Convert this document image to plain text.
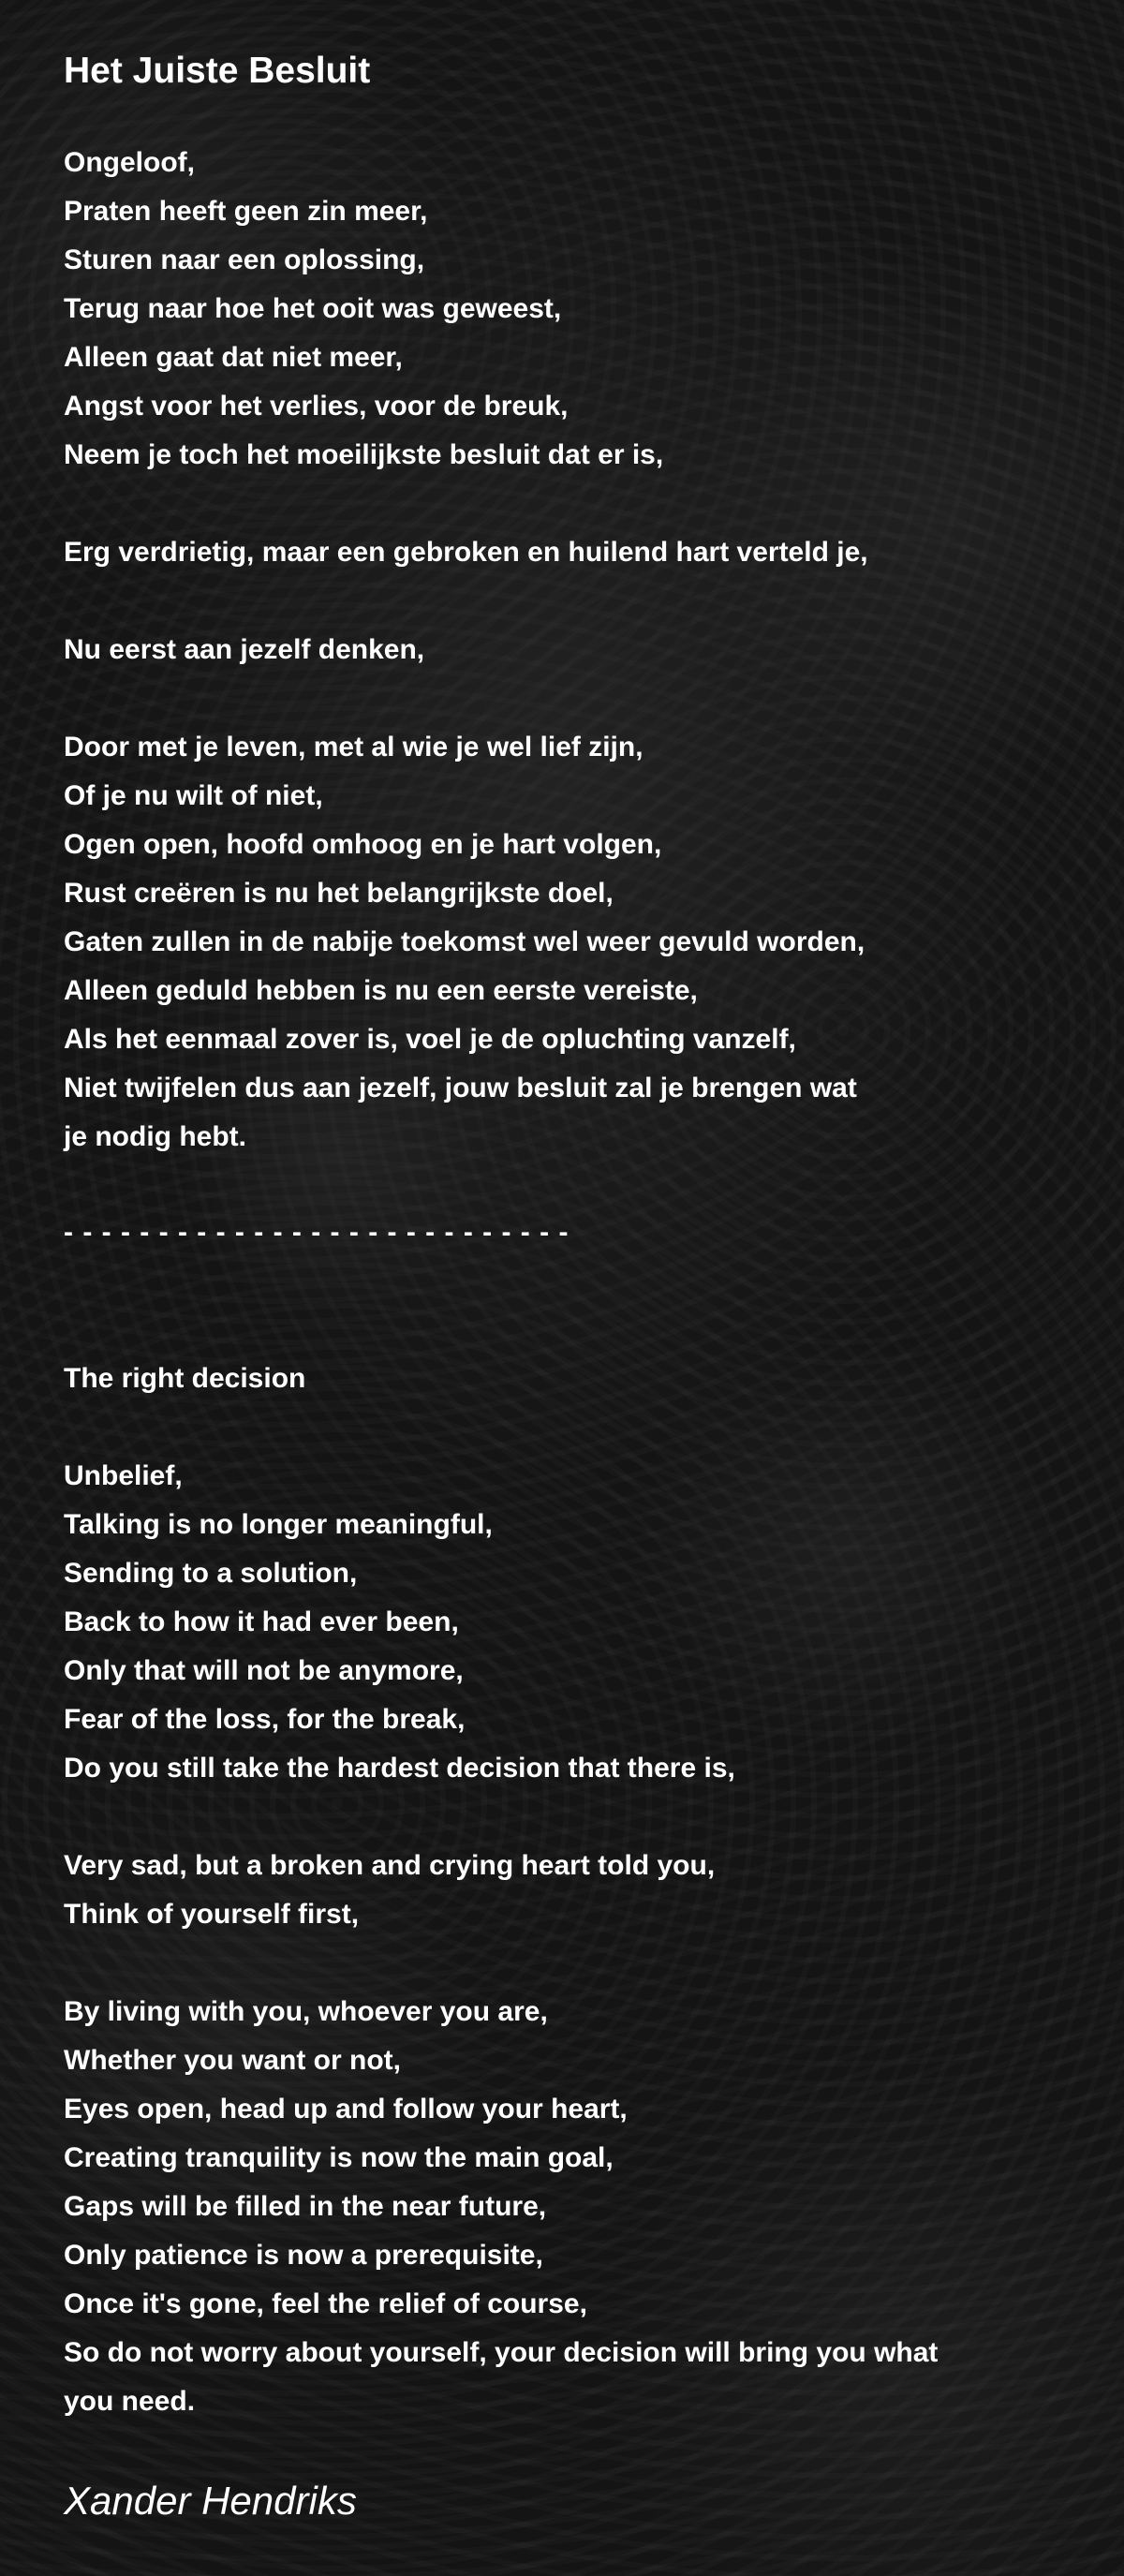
Het Juiste Besluit
Ongeloof,
Praten heeft geen zin meer,
Sturen naar een oplossing,
Terug naar hoe het ooit was geweest,
Alleen gaat dat niet meer,
Angst voor het verlies, voor de breuk,
Neem je toch het moeilijkste besluit dat er is,
Erg verdrietig, maar een gebroken en huilend hart verteld je,
Nu eerst aan jezelf denken,
Door met je leven, met al wie je wel lief zijn,
Of je nu wilt of niet,
Ogen open, hoofd omhoog en je hart volgen,
Rust creëren is nu het belangrijkste doel,
Gaten zullen in de nabije toekomst wel weer gevuld worden,
Alleen geduld hebben is nu een eerste vereiste,
Als het eenmaal zover is, voel je de opluchting vanzelf,
Niet twijfelen dus aan jezelf, jouw besluit zal je brengen wat
je nodig hebt.
- - - - - - - - - - - - - - - - - - - - - - - - - - -
The right decision
Unbelief,
Talking is no longer meaningful,
Sending to a solution,
Back to how it had ever been,
Only that will not be anymore,
Fear of the loss, for the break,
Do you still take the hardest decision that there is,
Very sad, but a broken and crying heart told you,
Think of yourself first,
By living with you, whoever you are,
Whether you want or not,
Eyes open, head up and follow your heart,
Creating tranquility is now the main goal,
Gaps will be filled in the near future,
Only patience is now a prerequisite,
Once it's gone, feel the relief of course,
So do not worry about yourself, your decision will bring you what
you need.
Xander Hendriks
